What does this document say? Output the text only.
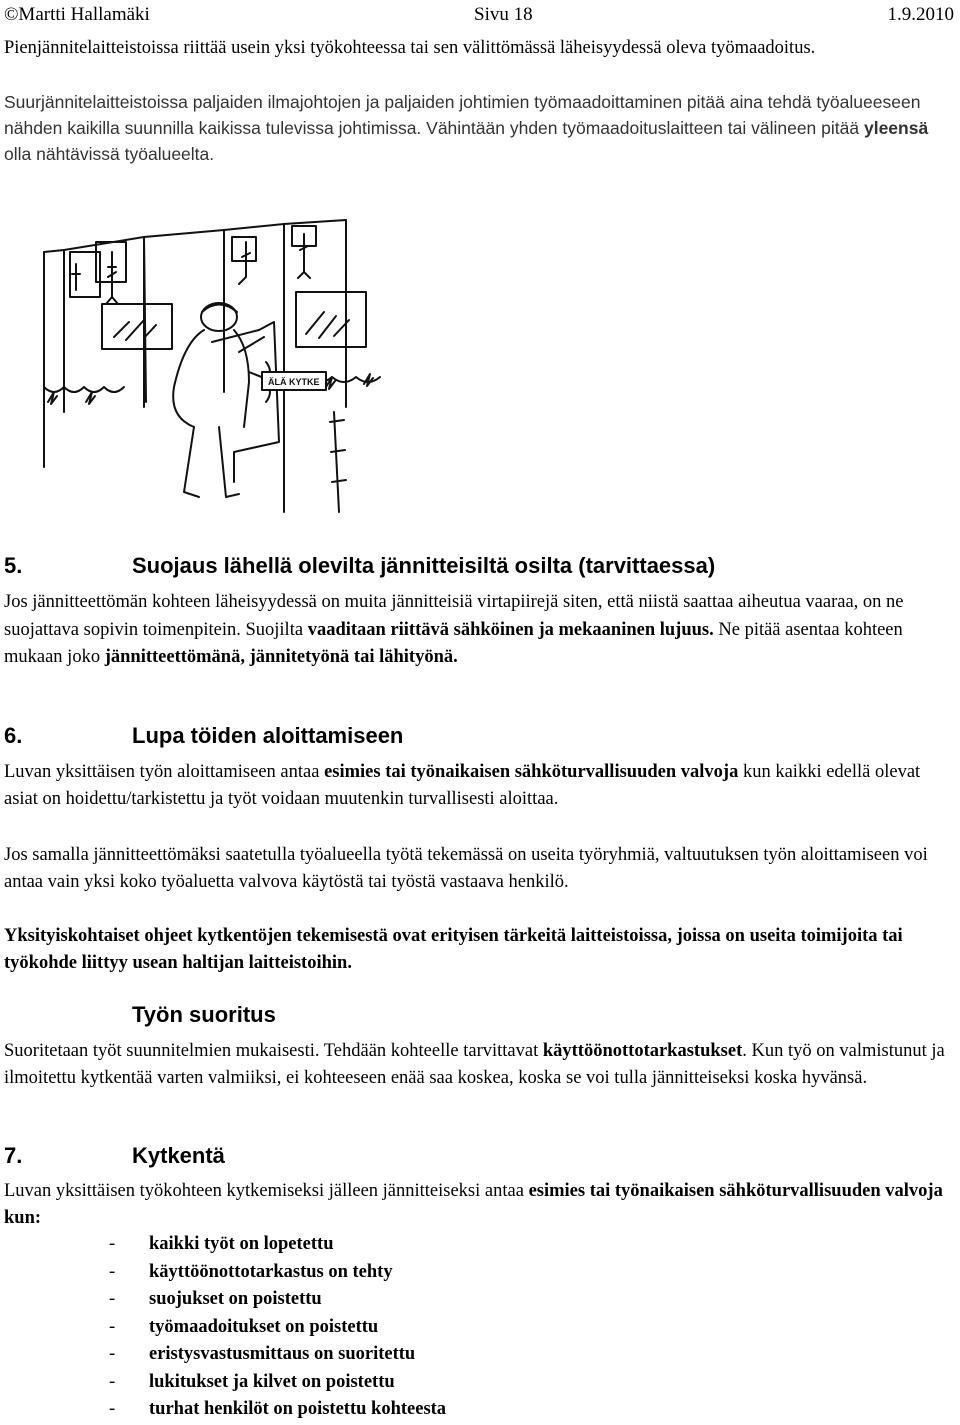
©Martti Hallamäki	Sivu 18	1.9.2010

Pienjännitelaitteistoissa riittää usein yksi työkohteessa tai sen välittömässä läheisyydessä oleva työmaadoitus.

Suurjännitelaitteistoissa paljaiden ilmajohtojen ja paljaiden johtimien työmaadoittaminen pitää aina tehdä työalueeseen nähden kaikilla suunnilla kaikissa tulevissa johtimissa. Vähintään yhden työmaadoituslaitteen tai välineen pitää yleensä olla nähtävissä työalueelta.

ÄLÄ KYTKE
5.	Suojaus lähellä olevilta jännitteisiltä osilta (tarvittaessa)

Jos jännitteettömän kohteen läheisyydessä on muita jännitteisiä virtapiirejä siten, että niistä saattaa aiheutua vaaraa, on ne suojattava sopivin toimenpitein. Suojilta vaaditaan riittävä sähköinen ja mekaaninen lujuus. Ne pitää asentaa kohteen mukaan joko jännitteettömänä, jännitetyönä tai lähityönä.

6.	Lupa töiden aloittamiseen

Luvan yksittäisen työn aloittamiseen antaa esimies tai työnaikaisen sähköturvallisuuden valvoja kun kaikki edellä olevat asiat on hoidettu/tarkistettu ja työt voidaan muutenkin turvallisesti aloittaa.

Jos samalla jännitteettömäksi saatetulla työalueella työtä tekemässä on useita työryhmiä, valtuutuksen työn aloittamiseen voi antaa vain yksi koko työaluetta valvova käytöstä tai työstä vastaava henkilö.

Yksityiskohtaiset ohjeet kytkentöjen tekemisestä ovat erityisen tärkeitä laitteistoissa, joissa on useita toimijoita tai työkohde liittyy usean haltijan laitteistoihin.

Työn suoritus

Suoritetaan työt suunnitelmien mukaisesti. Tehdään kohteelle tarvittavat käyttöönottotarkastukset. Kun työ on valmistunut ja ilmoitettu kytkentää varten valmiiksi, ei kohteeseen enää saa koskea, koska se voi tulla jännitteiseksi koska hyvänsä.

7.	Kytkentä

Luvan yksittäisen työkohteen kytkemiseksi jälleen jännitteiseksi antaa esimies tai työnaikaisen sähköturvallisuuden valvoja kun:

- kaikki työt on lopetettu
- käyttöönottotarkastus on tehty
- suojukset on poistettu
- työmaadoitukset on poistettu
- eristysvastusmittaus on suoritettu
- lukitukset ja kilvet on poistettu
- turhat henkilöt on poistettu kohteesta
